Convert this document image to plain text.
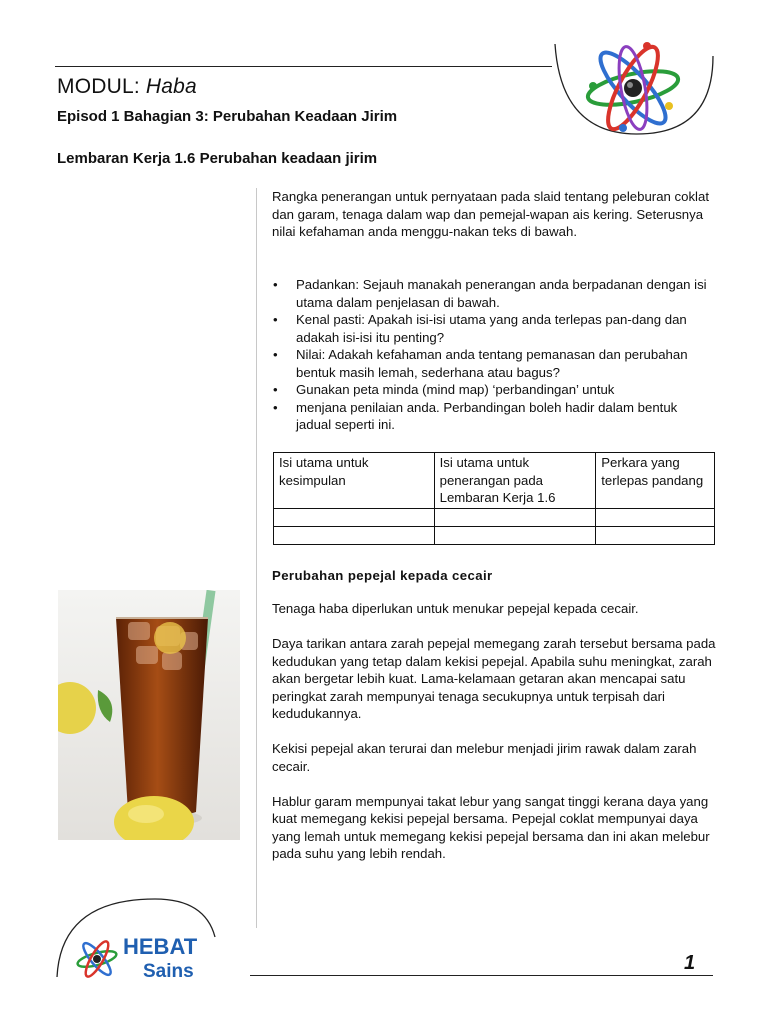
MODUL: Haba
Episod 1 Bahagian 3: Perubahan Keadaan Jirim
Lembaran Kerja 1.6 Perubahan keadaan jirim

Rangka penerangan untuk pernyataan pada slaid tentang peleburan coklat dan garam, tenaga dalam wap dan pemejal-wapan ais kering. Seterusnya nilai kefahaman anda menggu-nakan teks di bawah.

• Padankan: Sejauh manakah penerangan anda berpadanan dengan isi utama dalam penjelasan di bawah.
• Kenal pasti: Apakah isi-isi utama yang anda terlepas pan-dang dan adakah isi-isi itu penting?
• Nilai: Adakah kefahaman anda tentang pemanasan dan perubahan bentuk masih lemah, sederhana atau bagus?
• Gunakan peta minda (mind map) ‘perbandingan’ untuk
• menjana penilaian anda. Perbandingan boleh hadir dalam bentuk jadual seperti ini.
Isi utama untuk kesimpulan	Isi utama untuk penerangan pada Lembaran Kerja 1.6	Perkara yang terlepas pandang

Perubahan pepejal kepada cecair

Tenaga haba diperlukan untuk menukar pepejal kepada cecair.

Daya tarikan antara zarah pepejal memegang zarah tersebut bersama pada kedudukan yang tetap dalam kekisi pepejal. Apabila suhu meningkat, zarah akan bergetar lebih kuat. Lama-kelamaan getaran akan mencapai satu peringkat zarah mempunyai tenaga secukupnya untuk terpisah dari kedudukannya.

Kekisi pepejal akan terurai dan melebur menjadi jirim rawak dalam zarah cecair.

Hablur garam mempunyai takat lebur yang sangat tinggi kerana daya yang kuat memegang kekisi pepejal bersama. Pepejal coklat mempunyai daya yang lemah untuk memegang kekisi pepejal bersama dan ini akan melebur pada suhu yang lebih rendah.

HEBAT
Sains	1
